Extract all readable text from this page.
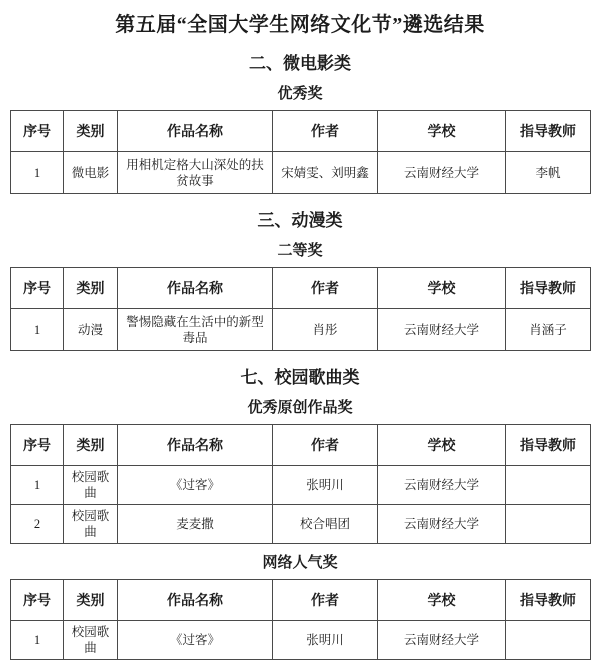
第五届“全国大学生网络文化节”遴选结果
二、微电影类
优秀奖
序号	类别	作品名称	作者	学校	指导教师
1	微电影	用相机定格大山深处的扶贫故事	宋婧雯、刘明鑫	云南财经大学	李帆
三、动漫类
二等奖
序号	类别	作品名称	作者	学校	指导教师
1	动漫	警惕隐藏在生活中的新型毒品	肖彤	云南财经大学	肖涵子
七、校园歌曲类
优秀原创作品奖
序号	类别	作品名称	作者	学校	指导教师
1	校园歌曲	《过客》	张明川	云南财经大学	
2	校园歌曲	麦麦撒	校合唱团	云南财经大学	
网络人气奖
序号	类别	作品名称	作者	学校	指导教师
1	校园歌曲	《过客》	张明川	云南财经大学	
